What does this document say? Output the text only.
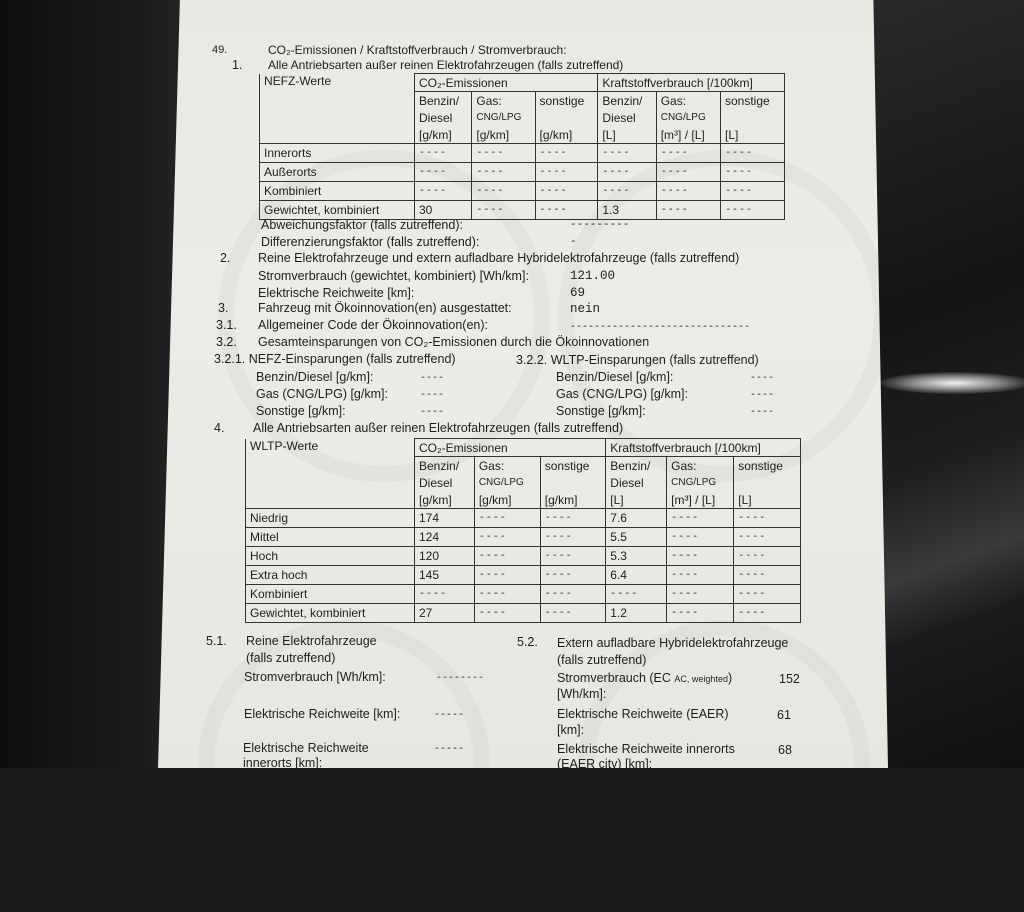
49.	CO₂-Emissionen / Kraftstoffverbrauch / Stromverbrauch:
1. Alle Antriebsarten außer reinen Elektrofahrzeugen (falls zutreffend)
NEFZ-Werte	CO₂-Emissionen			Kraftstoffverbrauch [/100km]		
	Benzin/	Gas:	sonstige	Benzin/	Gas:	sonstige
	Diesel	CNG/LPG		Diesel	CNG/LPG	
	[g/km]	[g/km]	[g/km]	[L]	[m³] / [L]	[L]
Innerorts	----	----	----	----	----	----
Außerorts	----	----	----	----	----	----
Kombiniert	----	----	----	----	----	----
Gewichtet, kombiniert	30	----	----	1.3	----	----
Abweichungsfaktor (falls zutreffend):	---------
Differenzierungsfaktor (falls zutreffend):	-
2. Reine Elektrofahrzeuge und extern aufladbare Hybridelektrofahrzeuge (falls zutreffend)
Stromverbrauch (gewichtet, kombiniert) [Wh/km]:	121.00
Elektrische Reichweite [km]:	69
3. Fahrzeug mit Ökoinnovation(en) ausgestattet:	nein
3.1. Allgemeiner Code der Ökoinnovation(en):	------------------------------
3.2. Gesamteinsparungen von CO₂-Emissionen durch die Ökoinnovationen
3.2.1. NEFZ-Einsparungen (falls zutreffend)	3.2.2. WLTP-Einsparungen (falls zutreffend)
Benzin/Diesel [g/km]:	----
Gas (CNG/LPG) [g/km]:	----
Sonstige [g/km]:	----
Benzin/Diesel [g/km]:	----
Gas (CNG/LPG) [g/km]:	----
Sonstige [g/km]:	----
4. Alle Antriebsarten außer reinen Elektrofahrzeugen (falls zutreffend)
WLTP-Werte	CO₂-Emissionen			Kraftstoffverbrauch [/100km]		
	Benzin/	Gas:	sonstige	Benzin/	Gas:	sonstige
	Diesel	CNG/LPG		Diesel	CNG/LPG	
	[g/km]	[g/km]	[g/km]	[L]	[m³] / [L]	[L]
Niedrig	174	----	----	7.6	----	----
Mittel	124	----	----	5.5	----	----
Hoch	120	----	----	5.3	----	----
Extra hoch	145	----	----	6.4	----	----
Kombiniert	----	----	----	----	----	----
Gewichtet, kombiniert	27	----	----	1.2	----	----
5.1. Reine Elektrofahrzeuge
(falls zutreffend)
Stromverbrauch [Wh/km]:	--------
Elektrische Reichweite [km]:	-----
Elektrische Reichweite
innerorts [km]:
-----
5.2. Extern aufladbare Hybridelektrofahrzeuge
(falls zutreffend)
Stromverbrauch (EC AC, weighted)
[Wh/km]:
152
Elektrische Reichweite (EAER)
[km]:
61
Elektrische Reichweite innerorts
(EAER city) [km]:
68
